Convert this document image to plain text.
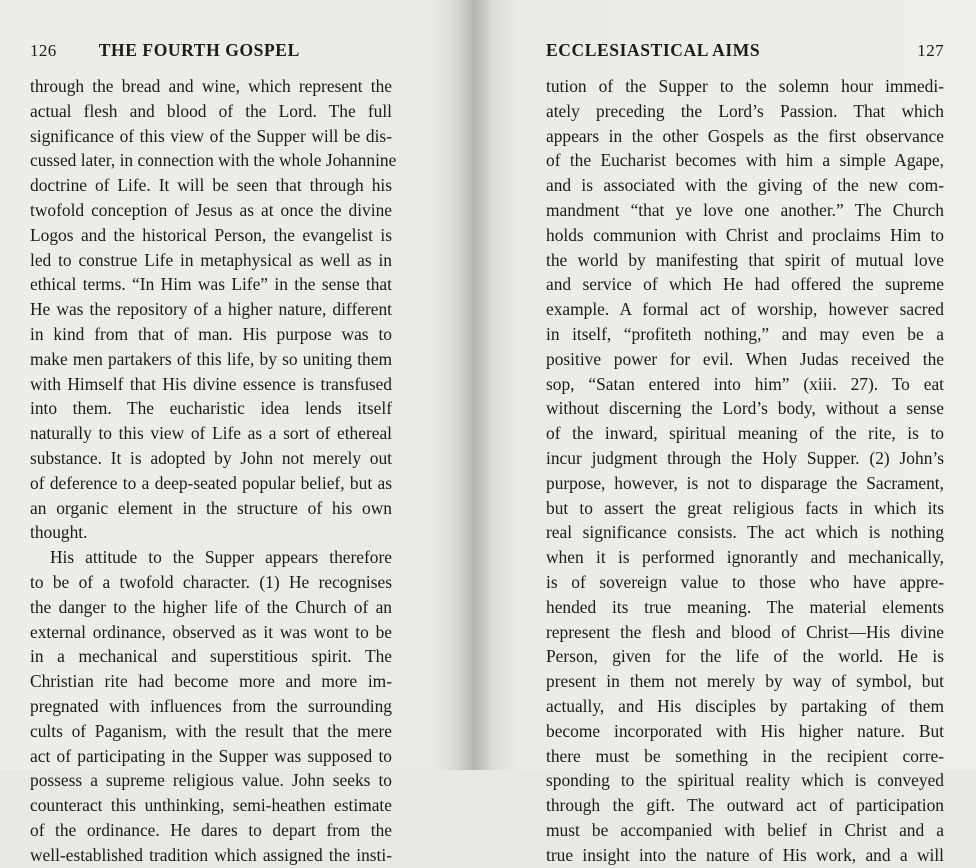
126 THE FOURTH GOSPEL
through the bread and wine, which represent the
actual flesh and blood of the Lord. The full
significance of this view of the Supper will be dis-
cussed later, in connection with the whole Johannine
doctrine of Life. It will be seen that through his
twofold conception of Jesus as at once the divine
Logos and the historical Person, the evangelist is
led to construe Life in metaphysical as well as in
ethical terms. “In Him was Life” in the sense that
He was the repository of a higher nature, different
in kind from that of man. His purpose was to
make men partakers of this life, by so uniting them
with Himself that His divine essence is transfused
into them. The eucharistic idea lends itself
naturally to this view of Life as a sort of ethereal
substance. It is adopted by John not merely out
of deference to a deep-seated popular belief, but as
an organic element in the structure of his own
thought.
His attitude to the Supper appears therefore
to be of a twofold character. (1) He recognises
the danger to the higher life of the Church of an
external ordinance, observed as it was wont to be
in a mechanical and superstitious spirit. The
Christian rite had become more and more im-
pregnated with influences from the surrounding
cults of Paganism, with the result that the mere
act of participating in the Supper was supposed to
possess a supreme religious value. John seeks to
counteract this unthinking, semi-heathen estimate
of the ordinance. He dares to depart from the
well-established tradition which assigned the insti-
ECCLESIASTICAL AIMS	127
tution of the Supper to the solemn hour immedi-
ately preceding the Lord’s Passion. That which
appears in the other Gospels as the first observance
of the Eucharist becomes with him a simple Agape,
and is associated with the giving of the new com-
mandment “that ye love one another.” The Church
holds communion with Christ and proclaims Him to
the world by manifesting that spirit of mutual love
and service of which He had offered the supreme
example. A formal act of worship, however sacred
in itself, “profiteth nothing,” and may even be a
positive power for evil. When Judas received the
sop, “Satan entered into him” (xiii. 27). To eat
without discerning the Lord’s body, without a sense
of the inward, spiritual meaning of the rite, is to
incur judgment through the Holy Supper. (2) John’s
purpose, however, is not to disparage the Sacrament,
but to assert the great religious facts in which its
real significance consists. The act which is nothing
when it is performed ignorantly and mechanically,
is of sovereign value to those who have appre-
hended its true meaning. The material elements
represent the flesh and blood of Christ—His divine
Person, given for the life of the world. He is
present in them not merely by way of symbol, but
actually, and His disciples by partaking of them
become incorporated with His higher nature. But
there must be something in the recipient corre-
sponding to the spiritual reality which is conveyed
through the gift. The outward act of participation
must be accompanied with belief in Christ and a
true insight into the nature of His work, and a will
